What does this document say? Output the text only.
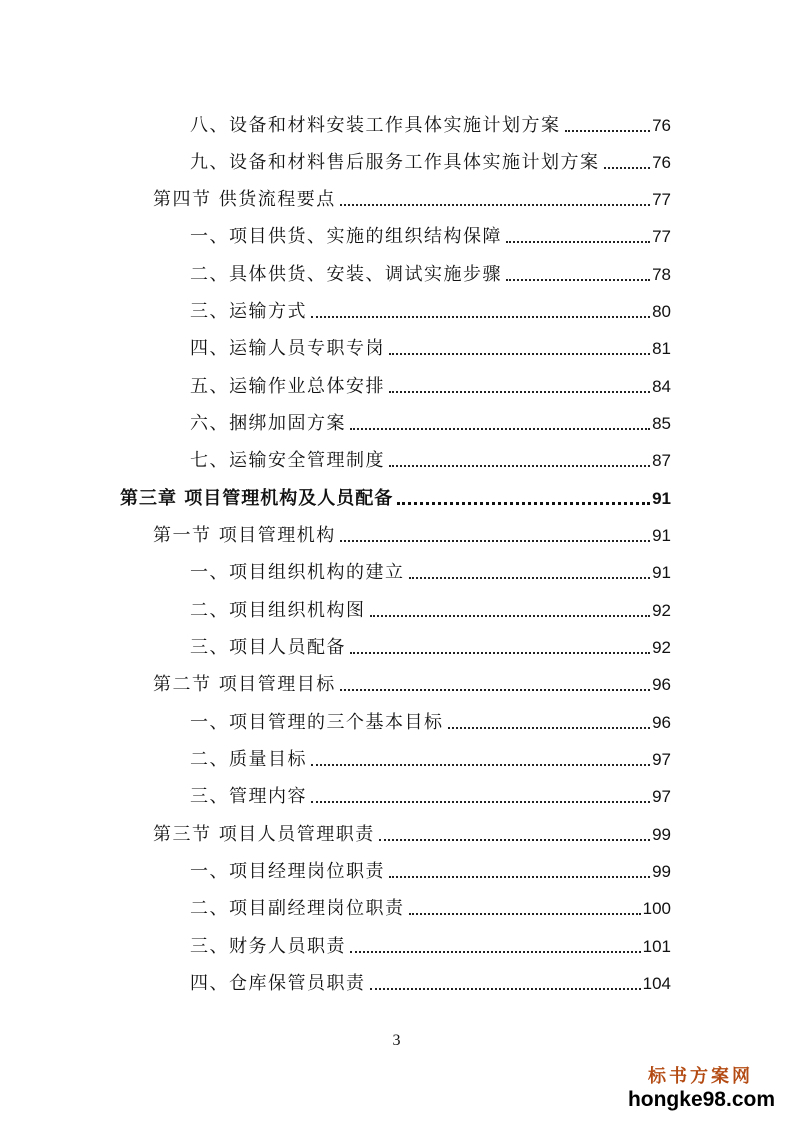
八、设备和材料安装工作具体实施计划方案	76
九、设备和材料售后服务工作具体实施计划方案	76
第四节 供货流程要点	77
一、项目供货、实施的组织结构保障	77
二、具体供货、安装、调试实施步骤	78
三、运输方式	80
四、运输人员专职专岗	81
五、运输作业总体安排	84
六、捆绑加固方案	85
七、运输安全管理制度	87
第三章 项目管理机构及人员配备	91
第一节 项目管理机构	91
一、项目组织机构的建立	91
二、项目组织机构图	92
三、项目人员配备	92
第二节 项目管理目标	96
一、项目管理的三个基本目标	96
二、质量目标	97
三、管理内容	97
第三节 项目人员管理职责	99
一、项目经理岗位职责	99
二、项目副经理岗位职责	100
三、财务人员职责	101
四、仓库保管员职责	104
3
标书方案网
hongke98.com
